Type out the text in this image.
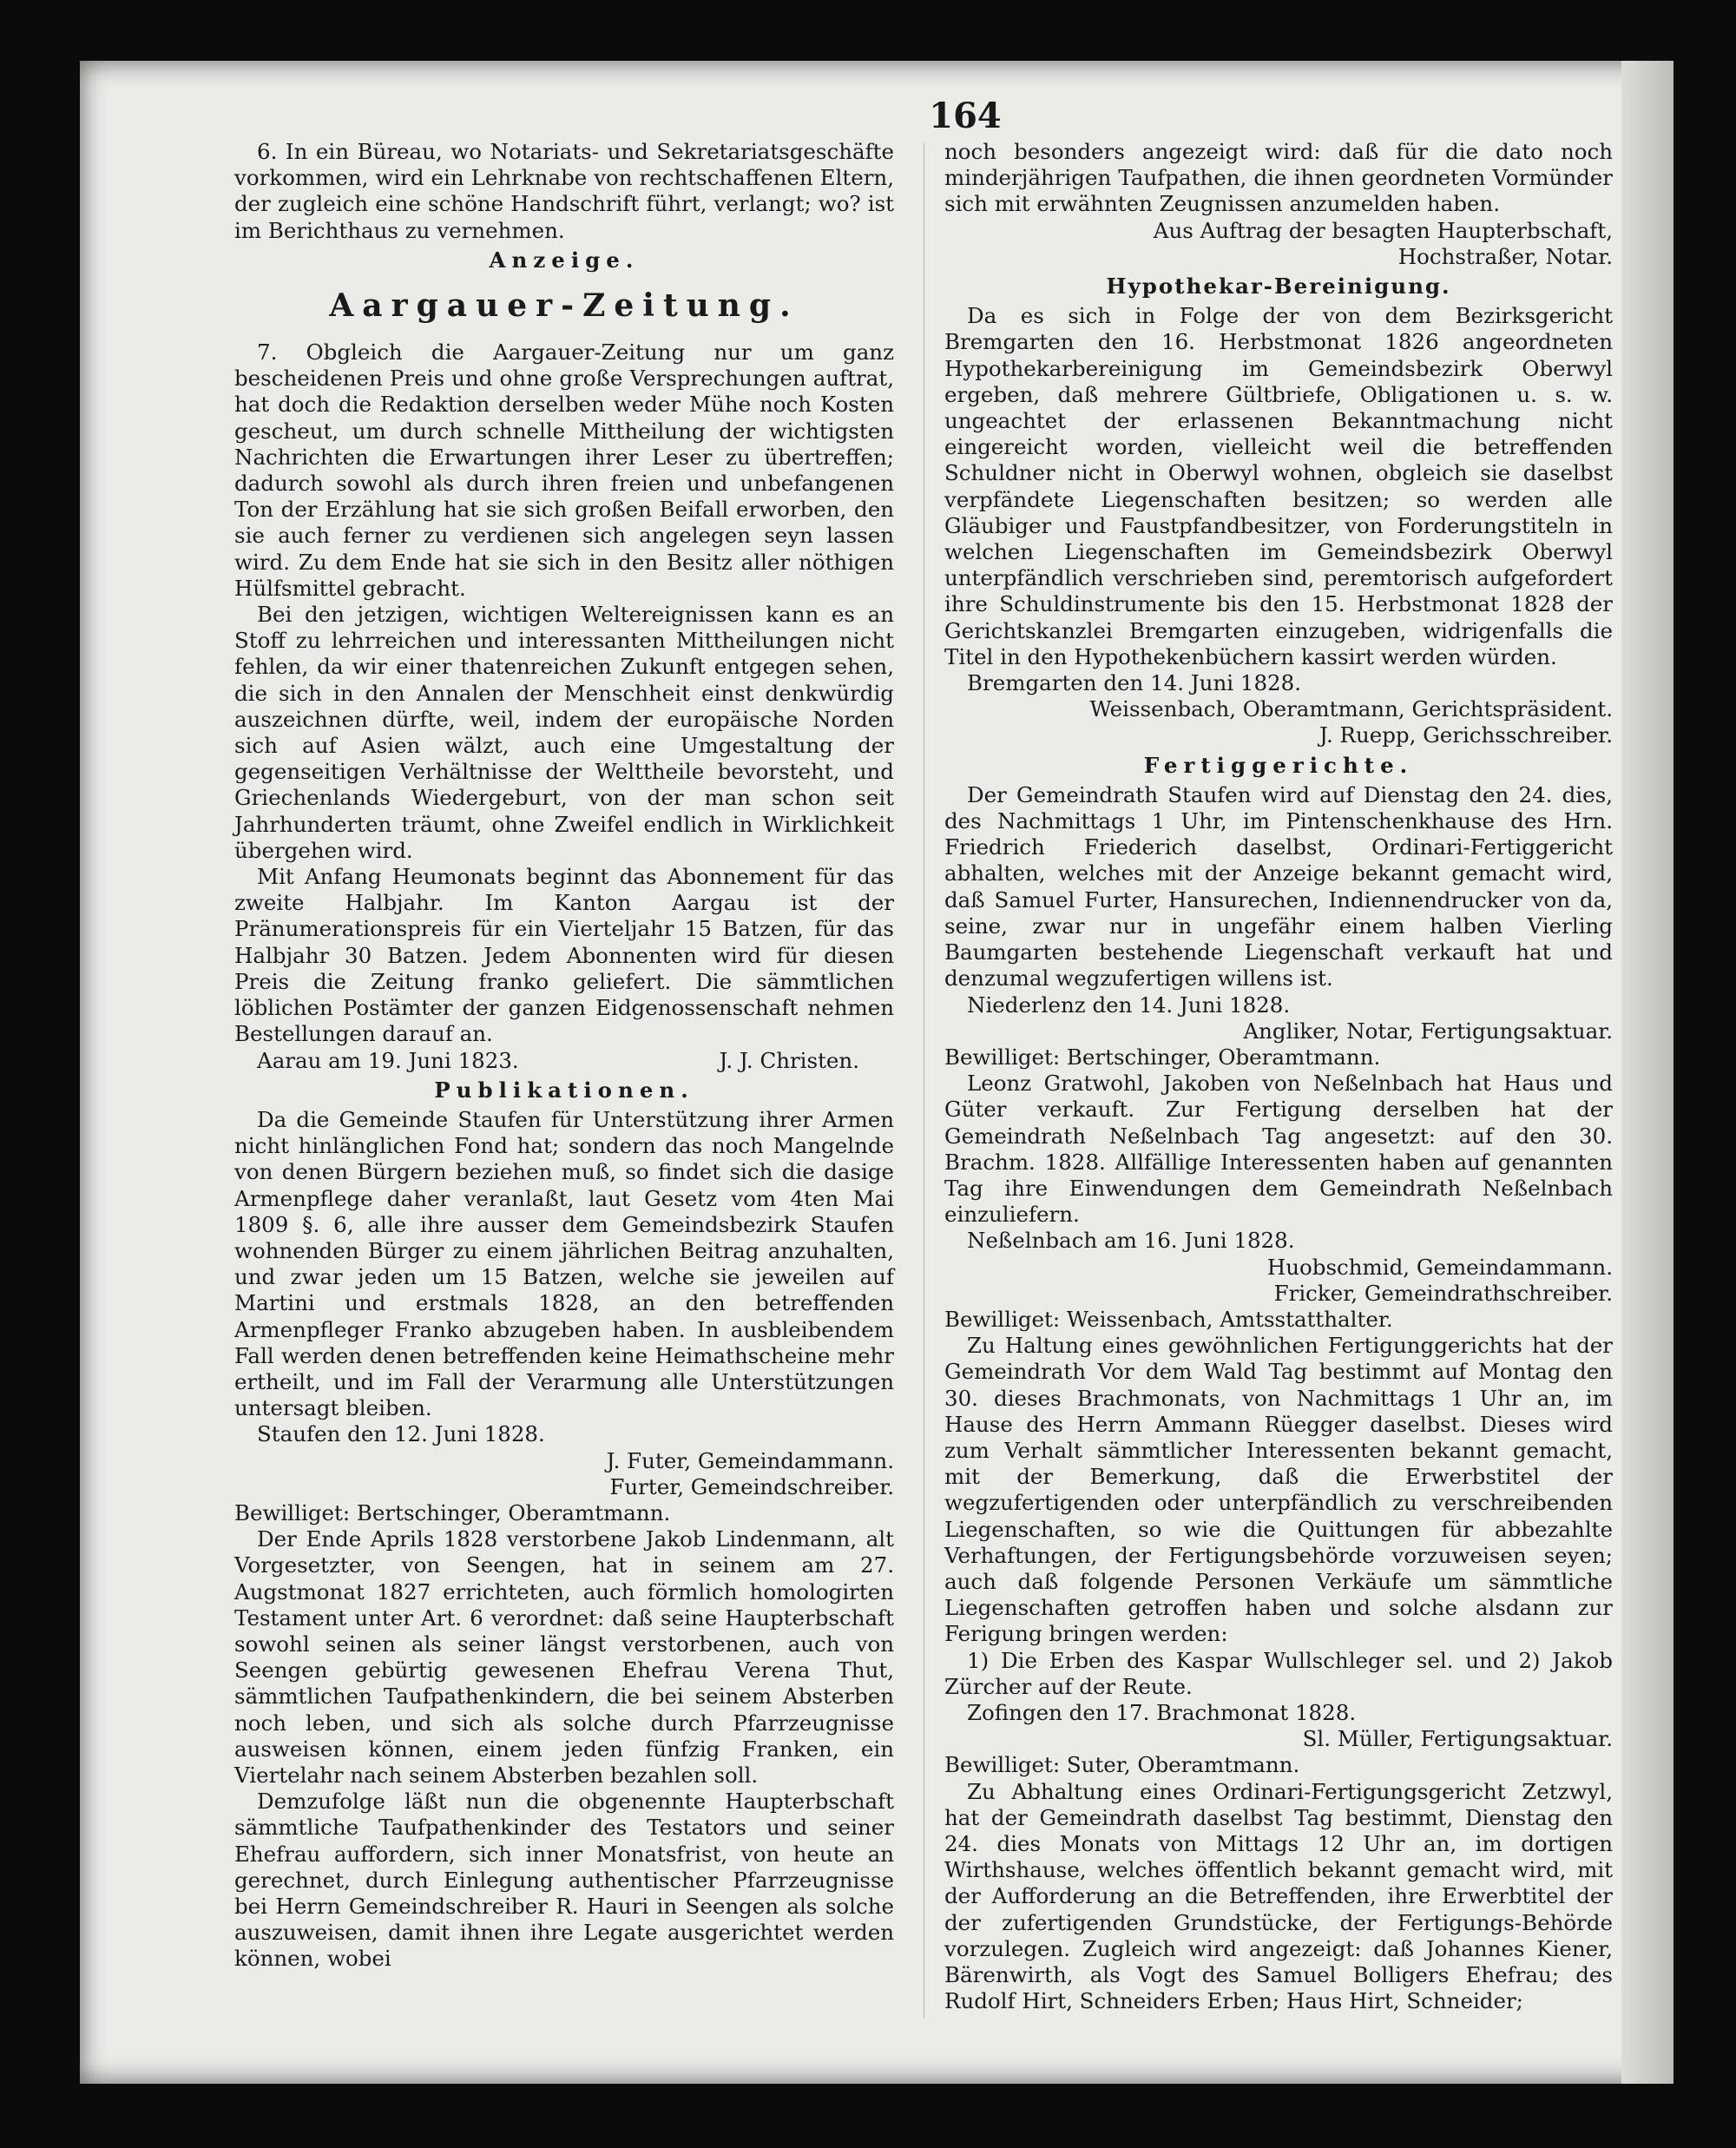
164

6. In ein Büreau, wo Notariats- und Sekretariatsgeschäfte vorkommen, wird ein Lehrknabe von rechtschaffenen Eltern, der zugleich eine schöne Handschrift führt, verlangt; wo? ist im Berichthaus zu vernehmen.

Anzeige.

Aargauer-Zeitung.

7. Obgleich die Aargauer-Zeitung nur um ganz bescheidenen Preis und ohne große Versprechungen auftrat, hat doch die Redaktion derselben weder Mühe noch Kosten gescheut, um durch schnelle Mittheilung der wichtigsten Nachrichten die Erwartungen ihrer Leser zu übertreffen; dadurch sowohl als durch ihren freien und unbefangenen Ton der Erzählung hat sie sich großen Beifall erworben, den sie auch ferner zu verdienen sich angelegen seyn lassen wird. Zu dem Ende hat sie sich in den Besitz aller nöthigen Hülfsmittel gebracht.

Bei den jetzigen, wichtigen Weltereignissen kann es an Stoff zu lehrreichen und interessanten Mittheilungen nicht fehlen, da wir einer thatenreichen Zukunft entgegen sehen, die sich in den Annalen der Menschheit einst denkwürdig auszeichnen dürfte, weil, indem der europäische Norden sich auf Asien wälzt, auch eine Umgestaltung der gegenseitigen Verhältnisse der Welttheile bevorsteht, und Griechenlands Wiedergeburt, von der man schon seit Jahrhunderten träumt, ohne Zweifel endlich in Wirklichkeit übergehen wird.

Mit Anfang Heumonats beginnt das Abonnement für das zweite Halbjahr. Im Kanton Aargau ist der Pränumerationspreis für ein Vierteljahr 15 Batzen, für das Halbjahr 30 Batzen. Jedem Abonnenten wird für diesen Preis die Zeitung franko geliefert. Die sämmtlichen löblichen Postämter der ganzen Eidgenossenschaft nehmen Bestellungen darauf an.

Aarau am 19. Juni 1823.	J. J. Christen.

Publikationen.

Da die Gemeinde Staufen für Unterstützung ihrer Armen nicht hinlänglichen Fond hat; sondern das noch Mangelnde von denen Bürgern beziehen muß, so findet sich die dasige Armenpflege daher veranlaßt, laut Gesetz vom 4ten Mai 1809 §. 6, alle ihre ausser dem Gemeindsbezirk Staufen wohnenden Bürger zu einem jährlichen Beitrag anzuhalten, und zwar jeden um 15 Batzen, welche sie jeweilen auf Martini und erstmals 1828, an den betreffenden Armenpfleger Franko abzugeben haben. In ausbleibendem Fall werden denen betreffenden keine Heimathscheine mehr ertheilt, und im Fall der Verarmung alle Unterstützungen untersagt bleiben.

Staufen den 12. Juni 1828.

J. Futer, Gemeindammann.

Furter, Gemeindschreiber.

Bewilliget: Bertschinger, Oberamtmann.

Der Ende Aprils 1828 verstorbene Jakob Lindenmann, alt Vorgesetzter, von Seengen, hat in seinem am 27. Augstmonat 1827 errichteten, auch förmlich homologirten Testament unter Art. 6 verordnet: daß seine Haupterbschaft sowohl seinen als seiner längst verstorbenen, auch von Seengen gebürtig gewesenen Ehefrau Verena Thut, sämmtlichen Taufpathenkindern, die bei seinem Absterben noch leben, und sich als solche durch Pfarrzeugnisse ausweisen können, einem jeden fünfzig Franken, ein Viertelahr nach seinem Absterben bezahlen soll.

Demzufolge läßt nun die obgenennte Haupterbschaft sämmtliche Taufpathenkinder des Testators und seiner Ehefrau auffordern, sich inner Monatsfrist, von heute an gerechnet, durch Einlegung authentischer Pfarrzeugnisse bei Herrn Gemeindschreiber R. Hauri in Seengen als solche auszuweisen, damit ihnen ihre Legate ausgerichtet werden können, wobei

noch besonders angezeigt wird: daß für die dato noch minderjährigen Taufpathen, die ihnen geordneten Vormünder sich mit erwähnten Zeugnissen anzumelden haben.

Aus Auftrag der besagten Haupterbschaft,

Hochstraßer, Notar.

Hypothekar-Bereinigung.

Da es sich in Folge der von dem Bezirksgericht Bremgarten den 16. Herbstmonat 1826 angeordneten Hypothekarbereinigung im Gemeindsbezirk Oberwyl ergeben, daß mehrere Gültbriefe, Obligationen u. s. w. ungeachtet der erlassenen Bekanntmachung nicht eingereicht worden, vielleicht weil die betreffenden Schuldner nicht in Oberwyl wohnen, obgleich sie daselbst verpfändete Liegenschaften besitzen; so werden alle Gläubiger und Faustpfandbesitzer, von Forderungstiteln in welchen Liegenschaften im Gemeindsbezirk Oberwyl unterpfändlich verschrieben sind, peremtorisch aufgefordert ihre Schuldinstrumente bis den 15. Herbstmonat 1828 der Gerichtskanzlei Bremgarten einzugeben, widrigenfalls die Titel in den Hypothekenbüchern kassirt werden würden.

Bremgarten den 14. Juni 1828.

Weissenbach, Oberamtmann, Gerichtspräsident.

J. Ruepp, Gerichsschreiber.

Fertiggerichte.

Der Gemeindrath Staufen wird auf Dienstag den 24. dies, des Nachmittags 1 Uhr, im Pintenschenkhause des Hrn. Friedrich Friederich daselbst, Ordinari-Fertiggericht abhalten, welches mit der Anzeige bekannt gemacht wird, daß Samuel Furter, Hansurechen, Indiennendrucker von da, seine, zwar nur in ungefähr einem halben Vierling Baumgarten bestehende Liegenschaft verkauft hat und denzumal wegzufertigen willens ist.

Niederlenz den 14. Juni 1828.

Angliker, Notar, Fertigungsaktuar.

Bewilliget: Bertschinger, Oberamtmann.

Leonz Gratwohl, Jakoben von Neßelnbach hat Haus und Güter verkauft. Zur Fertigung derselben hat der Gemeindrath Neßelnbach Tag angesetzt: auf den 30. Brachm. 1828. Allfällige Interessenten haben auf genannten Tag ihre Einwendungen dem Gemeindrath Neßelnbach einzuliefern.

Neßelnbach am 16. Juni 1828.

Huobschmid, Gemeindammann.

Fricker, Gemeindrathschreiber.

Bewilliget: Weissenbach, Amtsstatthalter.

Zu Haltung eines gewöhnlichen Fertigunggerichts hat der Gemeindrath Vor dem Wald Tag bestimmt auf Montag den 30. dieses Brachmonats, von Nachmittags 1 Uhr an, im Hause des Herrn Ammann Rüegger daselbst. Dieses wird zum Verhalt sämmtlicher Interessenten bekannt gemacht, mit der Bemerkung, daß die Erwerbstitel der wegzufertigenden oder unterpfändlich zu verschreibenden Liegenschaften, so wie die Quittungen für abbezahlte Verhaftungen, der Fertigungsbehörde vorzuweisen seyen; auch daß folgende Personen Verkäufe um sämmtliche Liegenschaften getroffen haben und solche alsdann zur Ferigung bringen werden:

1) Die Erben des Kaspar Wullschleger sel. und 2) Jakob Zürcher auf der Reute.

Zofingen den 17. Brachmonat 1828.

Sl. Müller, Fertigungsaktuar.

Bewilliget: Suter, Oberamtmann.

Zu Abhaltung eines Ordinari-Fertigungsgericht Zetzwyl, hat der Gemeindrath daselbst Tag bestimmt, Dienstag den 24. dies Monats von Mittags 12 Uhr an, im dortigen Wirthshause, welches öffentlich bekannt gemacht wird, mit der Aufforderung an die Betreffenden, ihre Erwerbtitel der der zufertigenden Grundstücke, der Fertigungs-Behörde vorzulegen. Zugleich wird angezeigt: daß Johannes Kiener, Bärenwirth, als Vogt des Samuel Bolligers Ehefrau; des Rudolf Hirt, Schneiders Erben; Haus Hirt, Schneider;
